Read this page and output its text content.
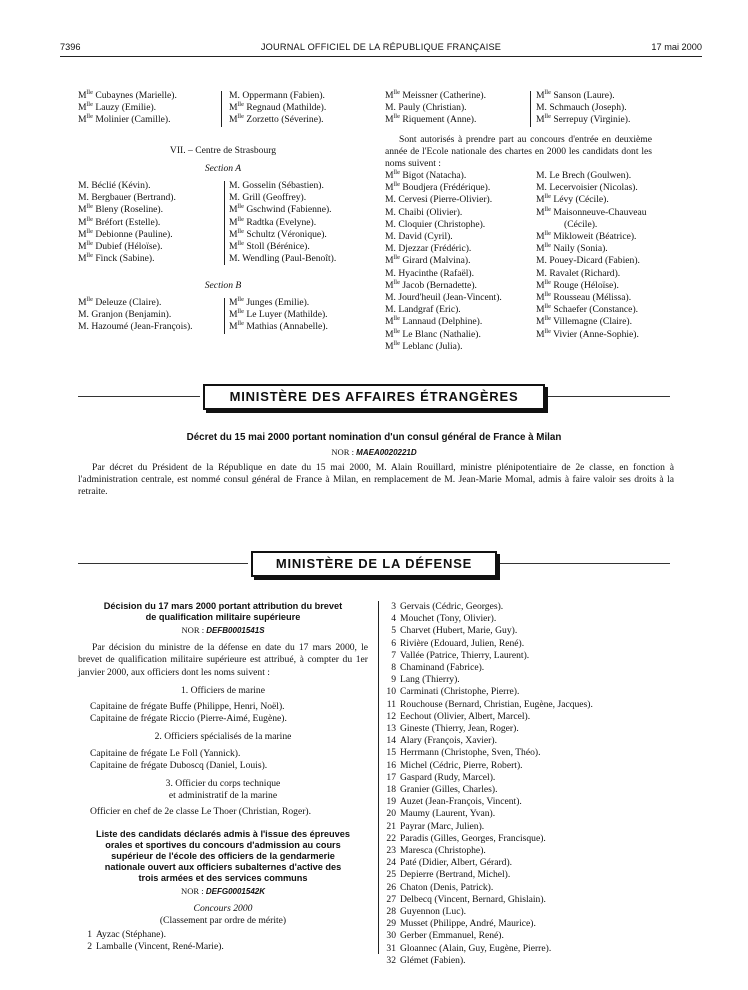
7396	JOURNAL OFFICIEL DE LA RÉPUBLIQUE FRANÇAISE	17 mai 2000
$M^{lle}$ Cubaynes (Marielle).
$M^{lle}$ Lauzy (Emilie).
$M^{lle}$ Molinier (Camille).
M. Oppermann (Fabien).
$M^{lle}$ Regnaud (Mathilde).
$M^{lle}$ Zorzetto (Séverine).
VII. – Centre de Strasbourg
Section A
M. Béclié (Kévin).
M. Bergbauer (Bertrand).
$M^{lle}$ Bleny (Roseline).
$M^{lle}$ Bréfort (Estelle).
$M^{lle}$ Debionne (Pauline).
$M^{lle}$ Dubief (Héloïse).
$M^{lle}$ Finck (Sabine).
M. Gosselin (Sébastien).
M. Grill (Geoffrey).
$M^{lle}$ Gschwind (Fabienne).
$M^{lle}$ Radtka (Evelyne).
$M^{lle}$ Schultz (Véronique).
$M^{lle}$ Stoll (Bérénice).
M. Wendling (Paul-Benoît).
Section B
$M^{lle}$ Deleuze (Claire).
M. Granjon (Benjamin).
M. Hazoumé (Jean-François).
$M^{lle}$ Junges (Emilie).
$M^{lle}$ Le Luyer (Mathilde).
$M^{lle}$ Mathias (Annabelle).
$M^{lle}$ Meissner (Catherine).
M. Pauly (Christian).
$M^{lle}$ Riquement (Anne).
$M^{lle}$ Sanson (Laure).
M. Schmauch (Joseph).
$M^{lle}$ Serrepuy (Virginie).
Sont autorisés à prendre part au concours d'entrée en deuxième année de l'Ecole nationale des chartes en 2000 les candidats dont les noms suivent :
$M^{lle}$ Bigot (Natacha).
$M^{lle}$ Boudjera (Frédérique).
M. Cervesi (Pierre-Olivier).
M. Chaibi (Olivier).
M. Cloquier (Christophe).
M. David (Cyril).
M. Djezzar (Frédéric).
$M^{lle}$ Girard (Malvina).
M. Hyacinthe (Rafaël).
$M^{lle}$ Jacob (Bernadette).
M. Jourd'heuil (Jean-Vincent).
M. Landgraf (Eric).
$M^{lle}$ Lannaud (Delphine).
$M^{lle}$ Le Blanc (Nathalie).
$M^{lle}$ Leblanc (Julia).
M. Le Brech (Goulwen).
M. Lecervoisier (Nicolas).
$M^{lle}$ Lévy (Cécile).
$M^{lle}$ Maisonneuve-Chauveau
(Cécile).
$M^{lle}$ Mikloweit (Béatrice).
$M^{lle}$ Naily (Sonia).
M. Pouey-Dicard (Fabien).
M. Ravalet (Richard).
$M^{lle}$ Rouge (Héloïse).
$M^{lle}$ Rousseau (Mélissa).
$M^{lle}$ Schaefer (Constance).
$M^{lle}$ Villemagne (Claire).
$M^{lle}$ Vivier (Anne-Sophie).
MINISTÈRE DES AFFAIRES ÉTRANGÈRES
Décret du 15 mai 2000 portant nomination d'un consul général de France à Milan
NOR : MAEA0020221D
Par décret du Président de la République en date du 15 mai 2000, M. Alain Rouillard, ministre plénipotentiaire de 2e classe, en fonction à l'administration centrale, est nommé consul général de France à Milan, en remplacement de M. Jean-Marie Momal, admis à faire valoir ses droits à la retraite.
MINISTÈRE DE LA DÉFENSE
Décision du 17 mars 2000 portant attribution du brevet
de qualification militaire supérieure
NOR : DEFB0001541S
Par décision du ministre de la défense en date du 17 mars 2000, le brevet de qualification militaire supérieure est attribué, à compter du 1er janvier 2000, aux officiers dont les noms suivent :
1. Officiers de marine
Capitaine de frégate Buffe (Philippe, Henri, Noël).
Capitaine de frégate Riccio (Pierre-Aimé, Eugène).
2. Officiers spécialisés de la marine
Capitaine de frégate Le Foll (Yannick).
Capitaine de frégate Duboscq (Daniel, Louis).
3. Officier du corps technique
et administratif de la marine
Officier en chef de 2e classe Le Thoer (Christian, Roger).
Liste des candidats déclarés admis à l'issue des épreuves
orales et sportives du concours d'admission au cours
supérieur de l'école des officiers de la gendarmerie
nationale ouvert aux officiers subalternes d'active des
trois armées et des services communs
NOR : DEFG0001542K
Concours 2000
(Classement par ordre de mérite)
1 Ayzac (Stéphane).
2 Lamballe (Vincent, René-Marie).
3 Gervais (Cédric, Georges).
4 Mouchet (Tony, Olivier).
5 Charvet (Hubert, Marie, Guy).
6 Rivière (Edouard, Julien, René).
7 Vallée (Patrice, Thierry, Laurent).
8 Chaminand (Fabrice).
9 Lang (Thierry).
10 Carminati (Christophe, Pierre).
11 Rouchouse (Bernard, Christian, Eugène, Jacques).
12 Eechout (Olivier, Albert, Marcel).
13 Gineste (Thierry, Jean, Roger).
14 Alary (François, Xavier).
15 Herrmann (Christophe, Sven, Théo).
16 Michel (Cédric, Pierre, Robert).
17 Gaspard (Rudy, Marcel).
18 Granier (Gilles, Charles).
19 Auzet (Jean-François, Vincent).
20 Maumy (Laurent, Yvan).
21 Payrar (Marc, Julien).
22 Paradis (Gilles, Georges, Francisque).
23 Maresca (Christophe).
24 Paté (Didier, Albert, Gérard).
25 Depierre (Bertrand, Michel).
26 Chaton (Denis, Patrick).
27 Delbecq (Vincent, Bernard, Ghislain).
28 Guyennon (Luc).
29 Musset (Philippe, André, Maurice).
30 Gerber (Emmanuel, René).
31 Gloannec (Alain, Guy, Eugène, Pierre).
32 Glémet (Fabien).
